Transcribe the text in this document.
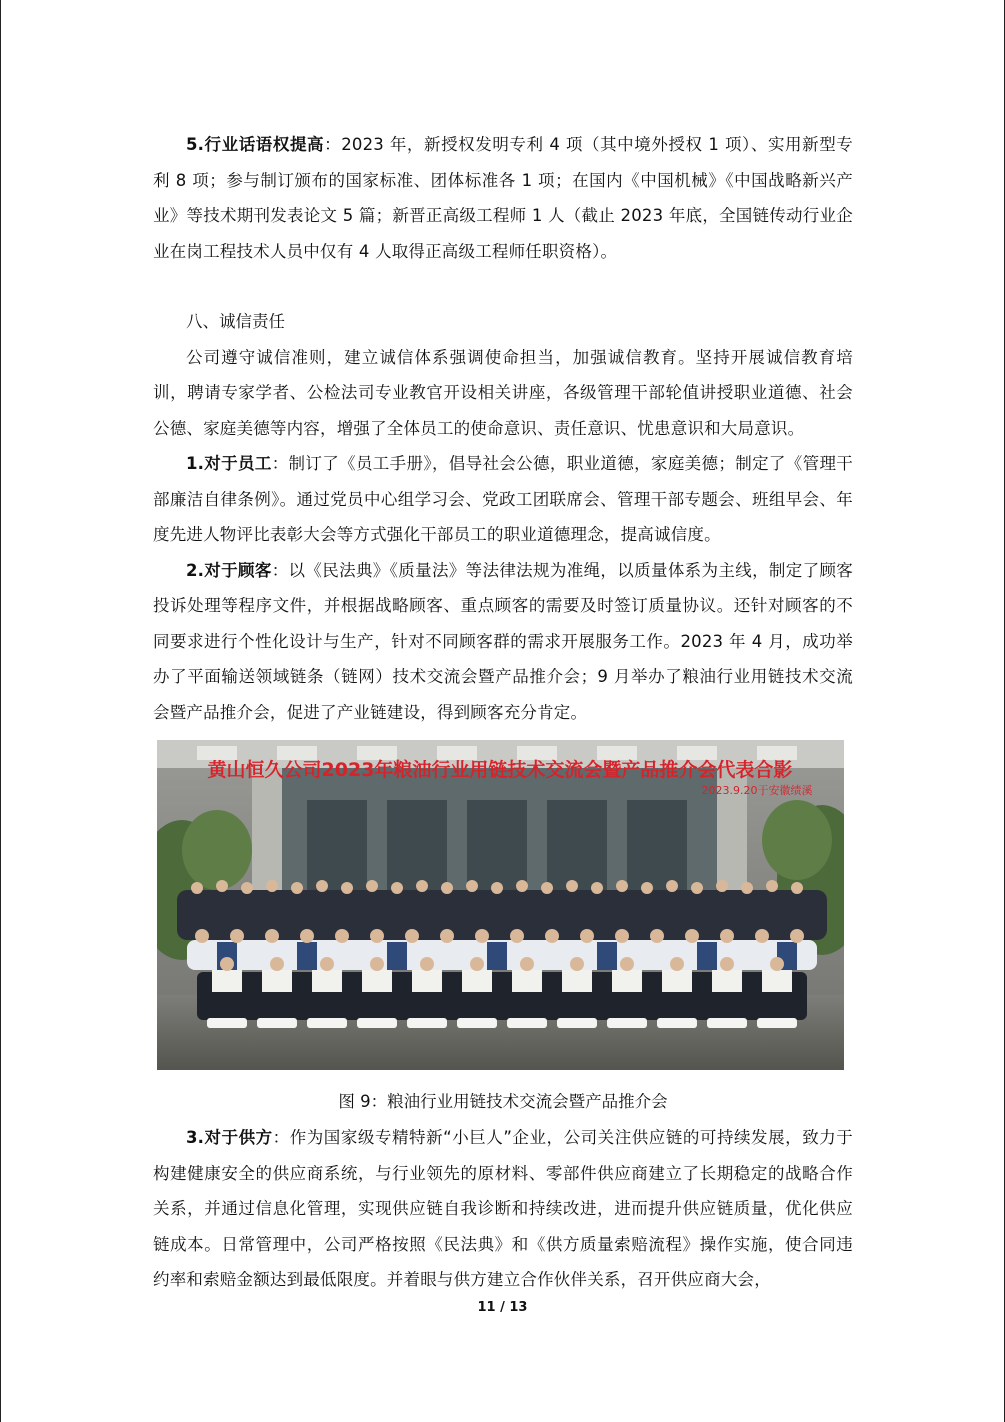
5.行业话语权提高：2023 年，新授权发明专利 4 项（其中境外授权 1 项）、实用新型专利 8 项；参与制订颁布的国家标准、团体标准各 1 项；在国内《中国机械》《中国战略新兴产业》等技术期刊发表论文 5 篇；新晋正高级工程师 1 人（截止 2023 年底，全国链传动行业企业在岗工程技术人员中仅有 4 人取得正高级工程师任职资格）。

八、诚信责任

公司遵守诚信准则，建立诚信体系强调使命担当，加强诚信教育。坚持开展诚信教育培训，聘请专家学者、公检法司专业教官开设相关讲座，各级管理干部轮值讲授职业道德、社会公德、家庭美德等内容，增强了全体员工的使命意识、责任意识、忧患意识和大局意识。

1.对于员工：制订了《员工手册》，倡导社会公德，职业道德，家庭美德；制定了《管理干部廉洁自律条例》。通过党员中心组学习会、党政工团联席会、管理干部专题会、班组早会、年度先进人物评比表彰大会等方式强化干部员工的职业道德理念，提高诚信度。

2.对于顾客：以《民法典》《质量法》等法律法规为准绳，以质量体系为主线，制定了顾客投诉处理等程序文件，并根据战略顾客、重点顾客的需要及时签订质量协议。还针对顾客的不同要求进行个性化设计与生产，针对不同顾客群的需求开展服务工作。2023 年 4 月，成功举办了平面输送领域链条（链网）技术交流会暨产品推介会；9 月举办了粮油行业用链技术交流会暨产品推介会，促进了产业链建设，得到顾客充分肯定。

黄山恒久公司2023年粮油行业用链技术交流会暨产品推介会代表合影
2023.9.20于安徽绩溪
图 9：粮油行业用链技术交流会暨产品推介会

3.对于供方：作为国家级专精特新“小巨人”企业，公司关注供应链的可持续发展，致力于构建健康安全的供应商系统，与行业领先的原材料、零部件供应商建立了长期稳定的战略合作关系，并通过信息化管理，实现供应链自我诊断和持续改进，进而提升供应链质量，优化供应链成本。日常管理中，公司严格按照《民法典》和《供方质量索赔流程》操作实施，使合同违约率和索赔金额达到最低限度。并着眼与供方建立合作伙伴关系，召开供应商大会，

11 / 13
